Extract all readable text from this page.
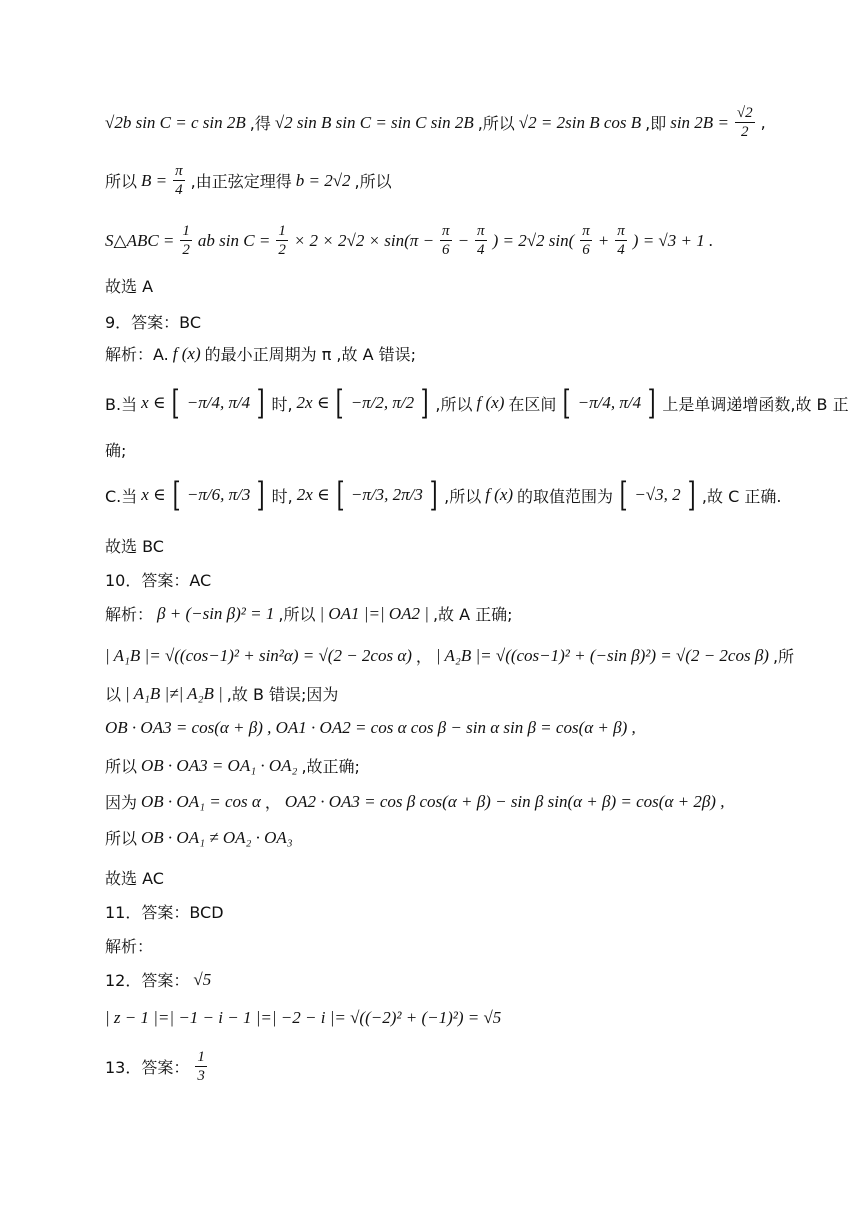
√2b sin C = c sin 2B ,得 √2 sin B sin C = sin C sin 2B ,所以 √2 = 2sin B cos B ,即 $\sin 2B = \frac{√2}{2}$ ,
所以 $B = \frac{\pi}{4}$ ,由正弦定理得 b = 2√2 ,所以
S△ABC = $\frac{1}{2}$ ab $\sin C = \frac{1}{2} \times 2 \times 2√2 \times \sin(\pi - \frac{\pi}{6} - \frac{\pi}{4}$ ) = 2√2 $\sin( \frac{\pi}{6} + \frac{\pi}{4}$ ) = √3 + 1 .
故选 A
9．答案：BC
解析：A. f (x) 的最小正周期为 π ,故 A 错误;
B.当 x ∈ [ −π/4, π/4 ] 时, 2x ∈ [ −π/2, π/2 ] ,所以 f (x) 在区间 [ −π/4, π/4 ] 上是单调递增函数,故 B 正
确;
C.当 x ∈ [ −π/6, π/3 ] 时, 2x ∈ [ −π/3, 2π/3 ] ,所以 f (x) 的取值范围为 [ −√3, 2 ] ,故 C 正确.
故选 BC
10．答案：AC
解析： β + (−sin β)² = 1 ,所以 | OA1 |=| OA2 | ,故 A 正确;
| A₁B |= √((cos−1)² + sin²α) = √(2 − 2cos α) ， | A₂B |= √((cos−1)² + (−sin β)²) = √(2 − 2cos β) ,所
以 | A₁B |≠| A₂B | ,故 B 错误;因为
OB · OA3 = cos(α + β) , OA1 · OA2 = cos α cos β − sin α sin β = cos(α + β) ,
所以 OB · OA3 = OA₁ · OA₂ ,故正确;
因为 OB · OA₁ = cos α ， OA2 · OA3 = cos β cos(α + β) − sin β sin(α + β) = cos(α + 2β) ,
所以 OB · OA₁ ≠ OA₂ · OA₃
故选 AC
11．答案：BCD
解析：
12．答案： √5
| z − 1 |=| −1 − i − 1 |=| −2 − i |= √((−2)² + (−1)²) = √5
13．答案： $\frac{1}{3}$
